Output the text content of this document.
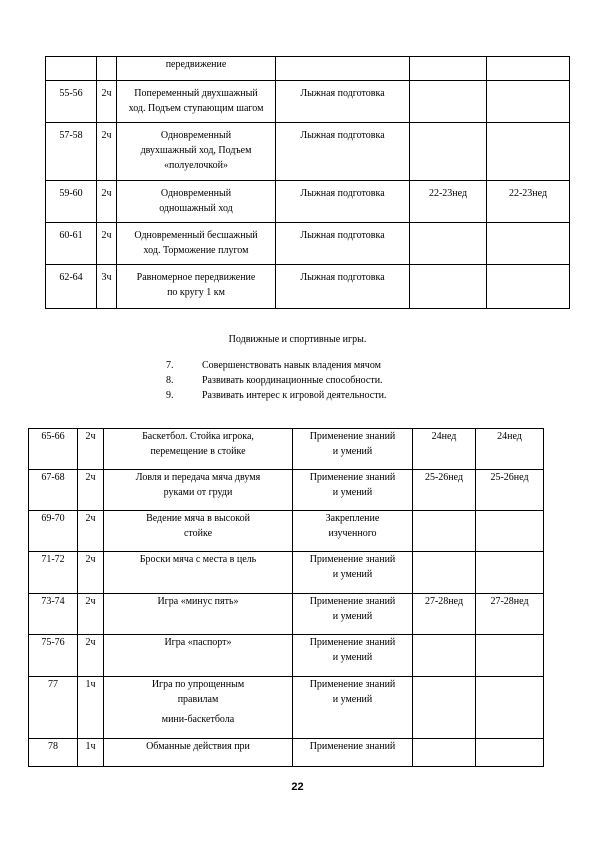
		передвижение			

55-56	2ч	Попеременный двухшажный
ход. Подъем ступающим шагом	Лыжная подготовка		
57-58	2ч	Одновременный
двухшажный ход, Подъем
«полуелочкой»	Лыжная подготовка		
59-60	2ч	Одновременный
одношажный ход	Лыжная подготовка	22-23нед	22-23нед
60-61	2ч	Одновременный бесшажный
ход. Торможение плугом	Лыжная подготовка		
62-64	3ч	Равномерное передвижение
по кругу 1 км	Лыжная подготовка		
Подвижные и спортивные игры.
7.	Совершенствовать навык владения мячом
8.	Развивать координационные способности.
9.	Развивать интерес к игровой деятельности.
65-66	2ч	Баскетбол. Стойка игрока,
перемещение в стойке	Применение знаний
и умений	24нед	24нед
67-68	2ч	Ловля и передача мяча двумя
руками от груди	Применение знаний
и умений	25-26нед	25-26нед
69-70	2ч	Ведение мяча в высокой
стойке	Закрепление
изученного		

71-72	2ч	Броски мяча с места в цель	Применение знаний
и умений		

73-74	2ч	Игра «минус пять»	Применение знаний
и умений	27-28нед	27-28нед
75-76	2ч	Игра «паспорт»	Применение знаний
и умений		

77	1ч	Игра по упрощенным
правилам
мини-баскетбола	Применение знаний
и умений		

78	1ч	Обманные действия при	Применение знаний		

22
